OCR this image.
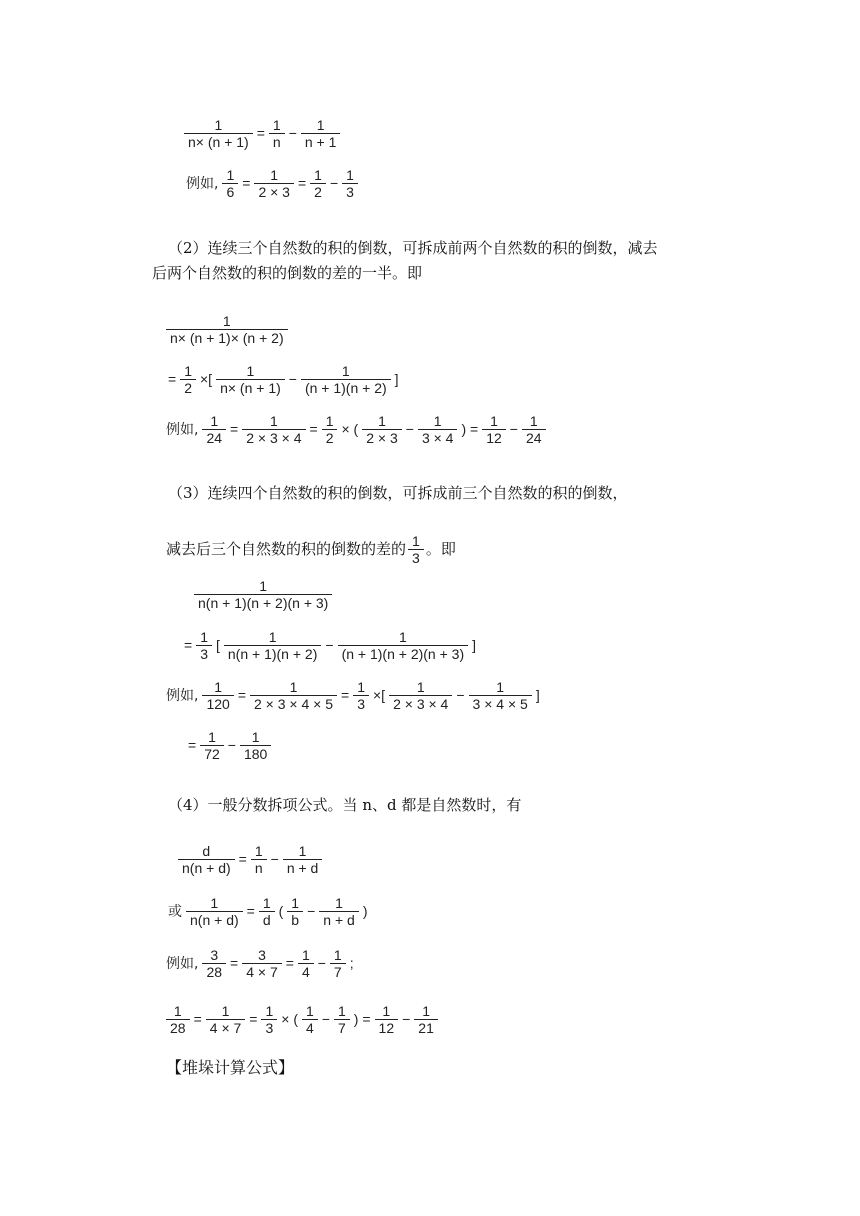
$\frac{1}{n\times (n + 1)} = \frac{1}{n} - \frac{1}{n + 1}$
例如, $\frac{1}{6} = \frac{1}{2 \times 3} = \frac{1}{2} - \frac{1}{3}$
（2）连续三个自然数的积的倒数，可拆成前两个自然数的积的倒数，减去
后两个自然数的积的倒数的差的一半。即
$\frac{1}{n\times (n + 1)\times (n + 2)}$
= $\frac{1}{2}$ ×[ $\frac{1}{n\times (n + 1)} - \frac{1}{(n + 1)(n + 2)}$ ]
例如, $\frac{1}{24} = \frac{1}{2 \times 3 \times 4} = \frac{1}{2}$ × ( $\frac{1}{2 \times 3} - \frac{1}{3 \times 4}$ ) = $\frac{1}{12} - \frac{1}{24}$
（3）连续四个自然数的积的倒数，可拆成前三个自然数的积的倒数，
减去后三个自然数的积的倒数的差的 $\frac{1}{3}$ 。即
$\frac{1}{n(n + 1)(n + 2)(n + 3)}$
= $\frac{1}{3}$ [ $\frac{1}{n(n + 1)(n + 2)} - \frac{1}{(n + 1)(n + 2)(n + 3)}$ ]
例如, $\frac{1}{120} = \frac{1}{2 \times 3 \times 4 \times 5} = \frac{1}{3}$ ×[ $\frac{1}{2 \times 3 \times 4} - \frac{1}{3 \times 4 \times 5}$ ]
= $\frac{1}{72} - \frac{1}{180}$
（4）一般分数拆项公式。当 n、d 都是自然数时，有
$\frac{d}{n(n + d)} = \frac{1}{n} - \frac{1}{n + d}$
或 $\frac{1}{n(n + d)} = \frac{1}{d}$ ( $\frac{1}{b} - \frac{1}{n + d}$ )
例如, $\frac{3}{28} = \frac{3}{4 \times 7} = \frac{1}{4} - \frac{1}{7}$ ;
$\frac{1}{28} = \frac{1}{4 \times 7} = \frac{1}{3}$ × ( $\frac{1}{4} - \frac{1}{7}$ ) = $\frac{1}{12} - \frac{1}{21}$
【堆垛计算公式】
